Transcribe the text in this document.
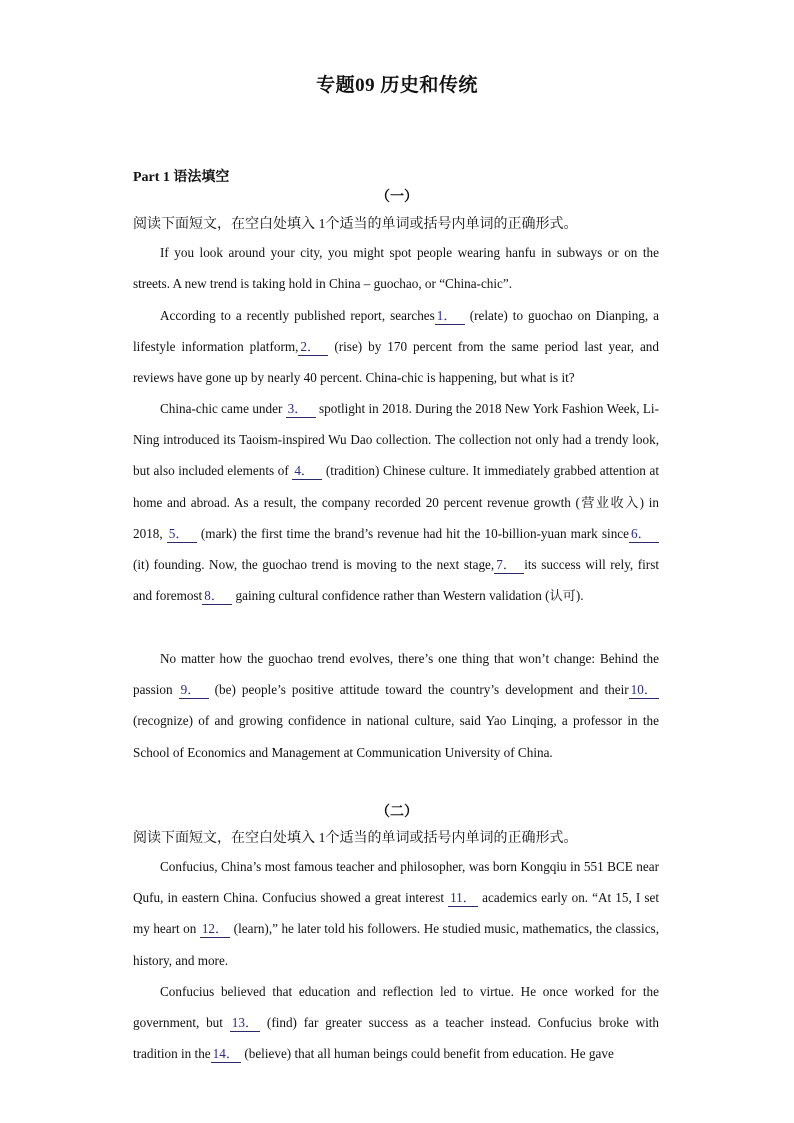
专题09 历史和传统
Part 1 语法填空
（一）
阅读下面短文，在空白处填入 1个适当的单词或括号内单词的正确形式。

If you look around your city, you might spot people wearing hanfu in subways or on the streets. A new trend is taking hold in China – guochao, or “China-chic”.

According to a recently published report, searches 1． (relate) to guochao on Dianping, a lifestyle information platform, 2． (rise) by 170 percent from the same period last year, and reviews have gone up by nearly 40 percent. China-chic is happening, but what is it?

China-chic came under 3． spotlight in 2018. During the 2018 New York Fashion Week, Li-Ning introduced its Taoism-inspired Wu Dao collection. The collection not only had a trendy look, but also included elements of 4． (tradition) Chinese culture. It immediately grabbed attention at home and abroad. As a result, the company recorded 20 percent revenue growth (营业收入) in 2018, 5． (mark) the first time the brand’s revenue had hit the 10-billion-yuan mark since 6． (it) founding. Now, the guochao trend is moving to the next stage, 7． its success will rely, first and foremost 8． gaining cultural confidence rather than Western validation (认可).

No matter how the guochao trend evolves, there’s one thing that won’t change: Behind the passion 9． (be) people’s positive attitude toward the country’s development and their 10． (recognize) of and growing confidence in national culture, said Yao Linqing, a professor in the School of Economics and Management at Communication University of China.

（二）
阅读下面短文，在空白处填入 1个适当的单词或括号内单词的正确形式。

Confucius, China’s most famous teacher and philosopher, was born Kongqiu in 551 BCE near Qufu, in eastern China. Confucius showed a great interest 11． academics early on. “At 15, I set my heart on 12． (learn),” he later told his followers. He studied music, mathematics, the classics, history, and more.

Confucius believed that education and reflection led to virtue. He once worked for the government, but 13． (find) far greater success as a teacher instead. Confucius broke with tradition in the 14． (believe) that all human beings could benefit from education. He gave
